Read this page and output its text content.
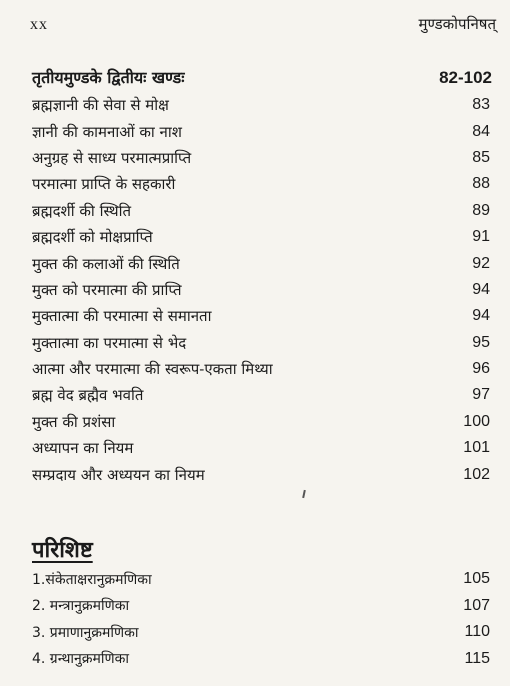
xx	मुण्डकोपनिषत्
तृतीयमुण्डके द्वितीयः खण्डः	82-102
ब्रह्मज्ञानी की सेवा से मोक्ष	83
ज्ञानी की कामनाओं का नाश	84
अनुग्रह से साध्य परमात्मप्राप्ति	85
परमात्मा प्राप्ति के सहकारी	88
ब्रह्मदर्शी की स्थिति	89
ब्रह्मदर्शी को मोक्षप्राप्ति	91
मुक्त की कलाओं की स्थिति	92
मुक्त को परमात्मा की प्राप्ति	94
मुक्तात्मा की परमात्मा से समानता	94
मुक्तात्मा का परमात्मा से भेद	95
आत्मा और परमात्मा की स्वरूप-एकता मिथ्या	96
ब्रह्म वेद ब्रह्मैव भवति	97
मुक्त की प्रशंसा	100
अध्यापन का नियम	101
सम्प्रदाय और अध्ययन का नियम	102
परिशिष्ट
1.संकेताक्षरानुक्रमणिका	105
2. मन्त्रानुक्रमणिका	107
3. प्रमाणानुक्रमणिका	110
4. ग्रन्थानुक्रमणिका	115
